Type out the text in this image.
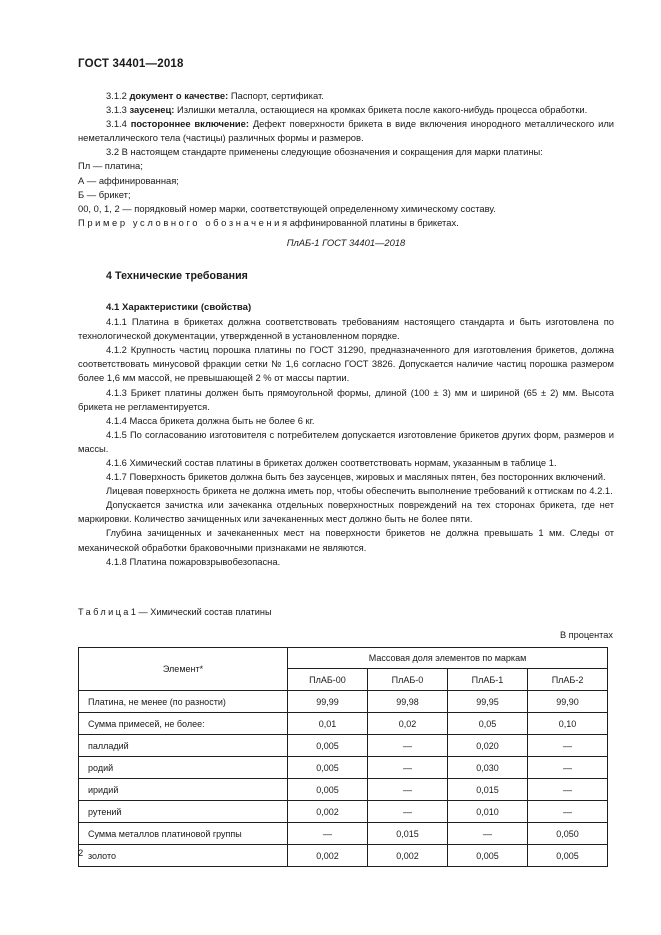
ГОСТ 34401—2018

3.1.2 документ о качестве: Паспорт, сертификат.

3.1.3 заусенец: Излишки металла, остающиеся на кромках брикета после какого-нибудь процесса обработки.

3.1.4 постороннее включение: Дефект поверхности брикета в виде включения инородного металлического или неметаллического тела (частицы) различных формы и размеров.

3.2 В настоящем стандарте применены следующие обозначения и сокращения для марки платины:

Пл — платина;

А — аффинированная;

Б — брикет;

00, 0, 1, 2 — порядковый номер марки, соответствующей определенному химическому составу.

Пример условного обозначенияаффинированной платины в брикетах.

ПлАБ-1 ГОСТ 34401—2018

4 Технические требования
4.1 Характеристики (свойства)

4.1.1 Платина в брикетах должна соответствовать требованиям настоящего стандарта и быть изготовлена по технологической документации, утвержденной в установленном порядке.

4.1.2 Крупность частиц порошка платины по ГОСТ 31290, предназначенного для изготовления брикетов, должна соответствовать минусовой фракции сетки № 1,6 согласно ГОСТ 3826. Допускается наличие частиц порошка размером более 1,6 мм массой, не превышающей 2 % от массы партии.

4.1.3 Брикет платины должен быть прямоугольной формы, длиной (100 ± 3) мм и шириной (65 ± 2) мм. Высота брикета не регламентируется.

4.1.4 Масса брикета должна быть не более 6 кг.

4.1.5 По согласованию изготовителя с потребителем допускается изготовление брикетов других форм, размеров и массы.

4.1.6 Химический состав платины в брикетах должен соответствовать нормам, указанным в таблице 1.

4.1.7 Поверхность брикетов должна быть без заусенцев, жировых и масляных пятен, без посторонних включений.

Лицевая поверхность брикета не должна иметь пор, чтобы обеспечить выполнение требований к оттискам по 4.2.1.

Допускается зачистка или зачеканка отдельных поверхностных повреждений на тех сторонах брикета, где нет маркировки. Количество зачищенных или зачеканенных мест должно быть не более пяти.

Глубина зачищенных и зачеканенных мест на поверхности брикетов не должна превышать 1 мм. Следы от механической обработки браковочными признаками не являются.

4.1.8 Платина пожаровзрывобезопасна.

Таблица1 — Химический состав платины
В процентах
Элемент*	Массовая доля элементов по маркам			
	ПлАБ-00	ПлАБ-0	ПлАБ-1	ПлАБ-2
Платина, не менее (по разности)	99,99	99,98	99,95	99,90
Сумма примесей, не более:	0,01	0,02	0,05	0,10
палладий	0,005	—	0,020	—
родий	0,005	—	0,030	—
иридий	0,005	—	0,015	—
рутений	0,002	—	0,010	—
Сумма металлов платиновой группы	—	0,015	—	0,050
золото	0,002	0,002	0,005	0,005
2
